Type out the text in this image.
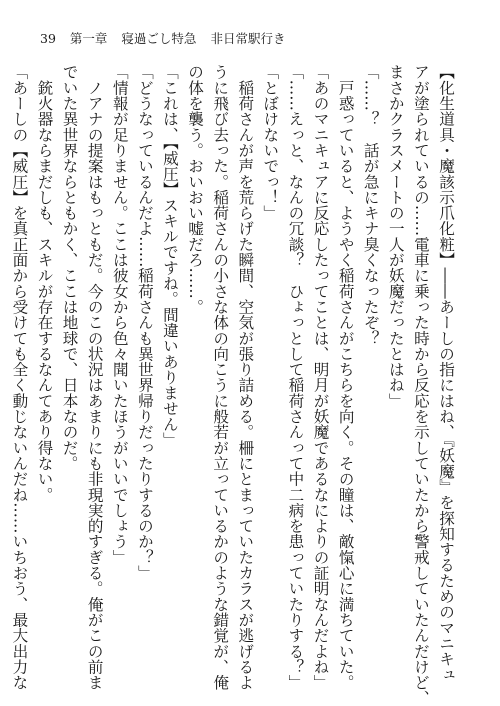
39 第一章 寝過ごし特急 非日常駅行き
【化生道具・魔該示爪化粧】――あーしの指にはね、『妖魔』を探知するためのマニキュ
アが塗られているの……電車に乗った時から反応を示していたから警戒していたんだけど、
まさかクラスメートの一人が妖魔だったとはね」
「……？　話が急にキナ臭くなったぞ？
　戸惑っていると、ようやく稲荷さんがこちらを向く。その瞳は、敵愾心に満ちていた。
「あのマニキュアに反応したってことは、明月が妖魔であるなによりの証明なんだよね」
「……えっと、なんの冗談？　ひょっとして稲荷さんって中二病を患っていたりする？」
「とぼけないでっ！」
　稲荷さんが声を荒らげた瞬間、空気が張り詰める。柵にとまっていたカラスが逃げるよ
うに飛び去った。稲荷さんの小さな体の向こうに般若が立っているかのような錯覚が、俺
の体を襲う。おいおい嘘だろ……。
「これは、【威圧】スキルですね。間違いありません」
「どうなっているんだよ……稲荷さんも異世界帰りだったりするのか？」
「情報が足りません。ここは彼女から色々聞いたほうがいいでしょう」
　ノアナの提案はもっともだ。今のこの状況はあまりにも非現実的すぎる。俺がこの前ま
でいた異世界ならともかく、ここは地球で、日本なのだ。
　銃火器ならまだしも、スキルが存在するなんてあり得ない。
「あーしの【威圧】を真正面から受けても全く動じないんだね……いちおう、最大出力な
